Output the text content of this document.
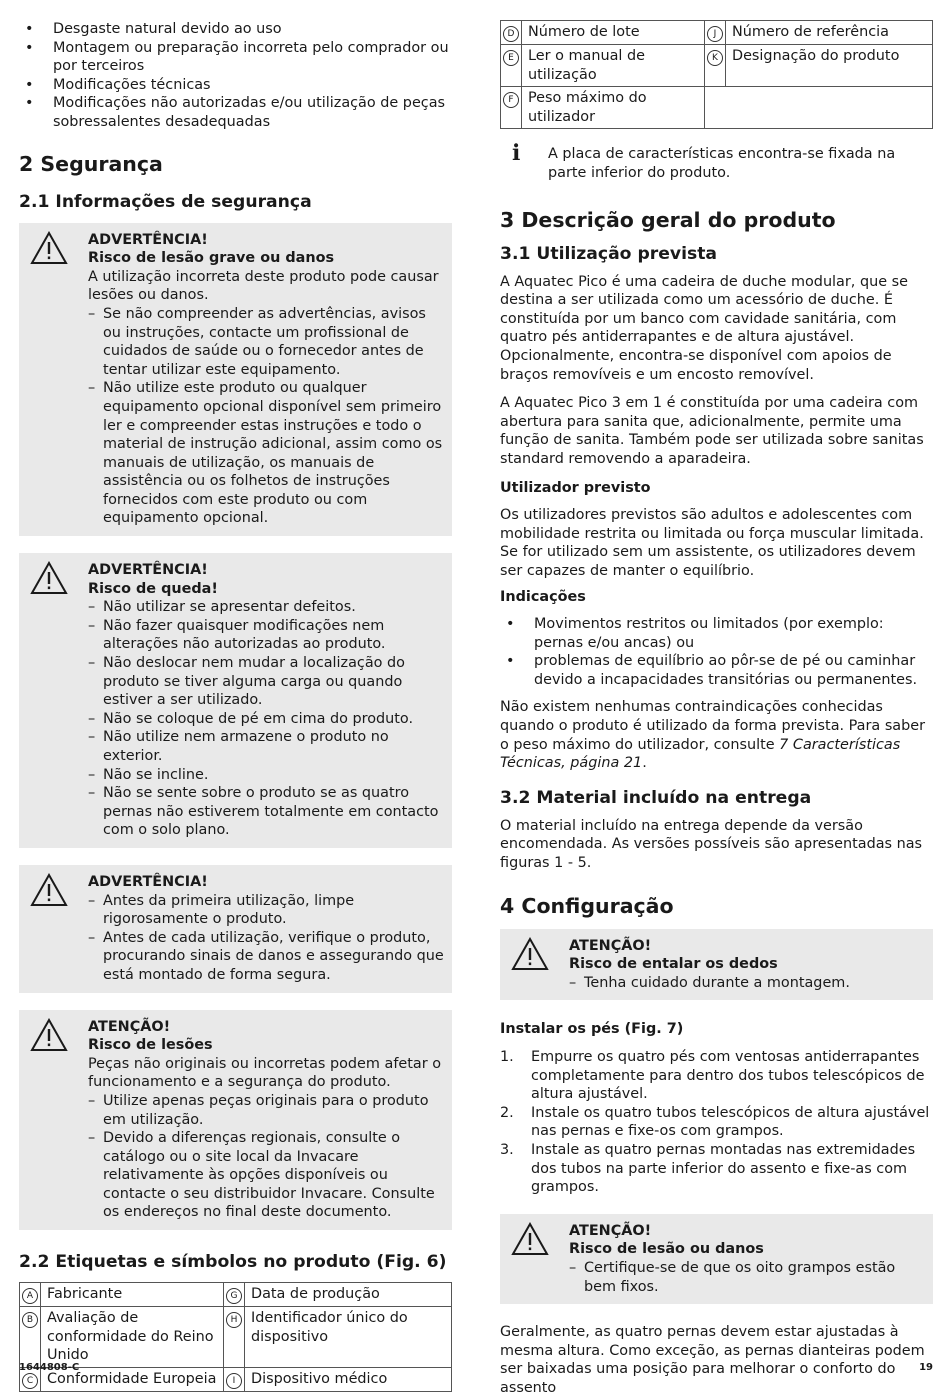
• Desgaste natural devido ao uso
• Montagem ou preparação incorreta pelo comprador ou por terceiros
• Modificações técnicas
• Modificações não autorizadas e/ou utilização de peças sobressalentes desadequadas
2 Segurança
2.1 Informações de segurança

ADVERTÊNCIA!

Risco de lesão grave ou danos

A utilização incorreta deste produto pode causar lesões ou danos.

– Se não compreender as advertências, avisos ou instruções, contacte um profissional de cuidados de saúde ou o fornecedor antes de tentar utilizar este equipamento.

– Não utilize este produto ou qualquer equipamento opcional disponível sem primeiro ler e compreender estas instruções e todo o material de instrução adicional, assim como os manuais de utilização, os manuais de assistência ou os folhetos de instruções fornecidos com este produto ou com equipamento opcional.

ADVERTÊNCIA!

Risco de queda!

– Não utilizar se apresentar defeitos.

– Não fazer quaisquer modificações nem alterações não autorizadas ao produto.

– Não deslocar nem mudar a localização do produto se tiver alguma carga ou quando estiver a ser utilizado.

– Não se coloque de pé em cima do produto.

– Não utilize nem armazene o produto no exterior.

– Não se incline.

– Não se sente sobre o produto se as quatro pernas não estiverem totalmente em contacto com o solo plano.

ADVERTÊNCIA!

– Antes da primeira utilização, limpe rigorosamente o produto.

– Antes de cada utilização, verifique o produto, procurando sinais de danos e assegurando que está montado de forma segura.

ATENÇÃO!

Risco de lesões

Peças não originais ou incorretas podem afetar o funcionamento e a segurança do produto.

– Utilize apenas peças originais para o produto em utilização.

– Devido a diferenças regionais, consulte o catálogo ou o site local da Invacare relativamente às opções disponíveis ou contacte o seu distribuidor Invacare. Consulte os endereços no final deste documento.

2.2 Etiquetas e símbolos no produto (Fig. 6)
A	Fabricante	G	Data de produção
B	Avaliação de conformidade do Reino Unido	H	Identificador único do dispositivo
C	Conformidade Europeia	I	Dispositivo médico
D	Número de lote	J	Número de referência
E	Ler o manual de utilização	K	Designação do produto
F	Peso máximo do utilizador		
ℹ A placa de características encontra-se fixada na parte inferior do produto.

3 Descrição geral do produto
3.1 Utilização prevista

A Aquatec Pico é uma cadeira de duche modular, que se destina a ser utilizada como um acessório de duche. É constituída por um banco com cavidade sanitária, com quatro pés antiderrapantes e de altura ajustável. Opcionalmente, encontra-se disponível com apoios de braços removíveis e um encosto removível.

A Aquatec Pico 3 em 1 é constituída por uma cadeira com abertura para sanita que, adicionalmente, permite uma função de sanita. Também pode ser utilizada sobre sanitas standard removendo a aparadeira.

Utilizador previsto

Os utilizadores previstos são adultos e adolescentes com mobilidade restrita ou limitada ou força muscular limitada. Se for utilizado sem um assistente, os utilizadores devem ser capazes de manter o equilíbrio.

Indicações
• Movimentos restritos ou limitados (por exemplo: pernas e/ou ancas) ou
• problemas de equilíbrio ao pôr-se de pé ou caminhar devido a incapacidades transitórias ou permanentes.

Não existem nenhumas contraindicações conhecidas quando o produto é utilizado da forma prevista. Para saber o peso máximo do utilizador, consulte 7 Características Técnicas, página 21.

3.2 Material incluído na entrega

O material incluído na entrega depende da versão encomendada. As versões possíveis são apresentadas nas figuras 1 - 5.

4 Configuração

ATENÇÃO!

Risco de entalar os dedos

– Tenha cuidado durante a montagem.

Instalar os pés (Fig. 7)
1. Empurre os quatro pés com ventosas antiderrapantes completamente para dentro dos tubos telescópicos de altura ajustável.
2. Instale os quatro tubos telescópicos de altura ajustável nas pernas e fixe-os com grampos.
3. Instale as quatro pernas montadas nas extremidades dos tubos na parte inferior do assento e fixe-as com grampos.

ATENÇÃO!

Risco de lesão ou danos

– Certifique-se de que os oito grampos estão bem fixos.

Geralmente, as quatro pernas devem estar ajustadas à mesma altura. Como exceção, as pernas dianteiras podem ser baixadas uma posição para melhorar o conforto do assento

1644808-C	19
